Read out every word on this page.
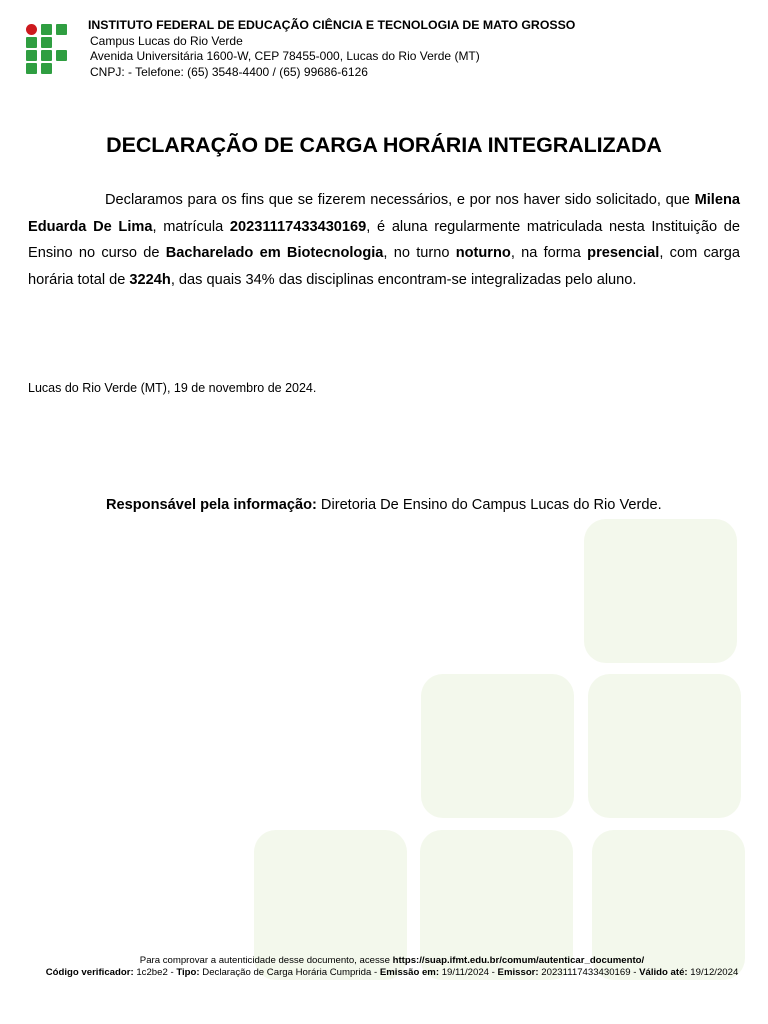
INSTITUTO FEDERAL DE EDUCAÇÃO CIÊNCIA E TECNOLOGIA DE MATO GROSSO
Campus Lucas do Rio Verde
Avenida Universitária 1600-W, CEP 78455-000, Lucas do Rio Verde (MT)
CNPJ: - Telefone: (65) 3548-4400 / (65) 99686-6126
DECLARAÇÃO DE CARGA HORÁRIA INTEGRALIZADA
Declaramos para os fins que se fizerem necessários, e por nos haver sido solicitado, que Milena Eduarda De Lima, matrícula 20231117433430169, é aluna regularmente matriculada nesta Instituição de Ensino no curso de Bacharelado em Biotecnologia, no turno noturno, na forma presencial, com carga horária total de 3224h, das quais 34% das disciplinas encontram-se integralizadas pelo aluno.
Lucas do Rio Verde (MT), 19 de novembro de 2024.
Responsável pela informação: Diretoria De Ensino do Campus Lucas do Rio Verde.
Para comprovar a autenticidade desse documento, acesse https://suap.ifmt.edu.br/comum/autenticar_documento/
Código verificador: 1c2be2 - Tipo: Declaração de Carga Horária Cumprida - Emissão em: 19/11/2024 - Emissor: 20231117433430169 - Válido até: 19/12/2024
